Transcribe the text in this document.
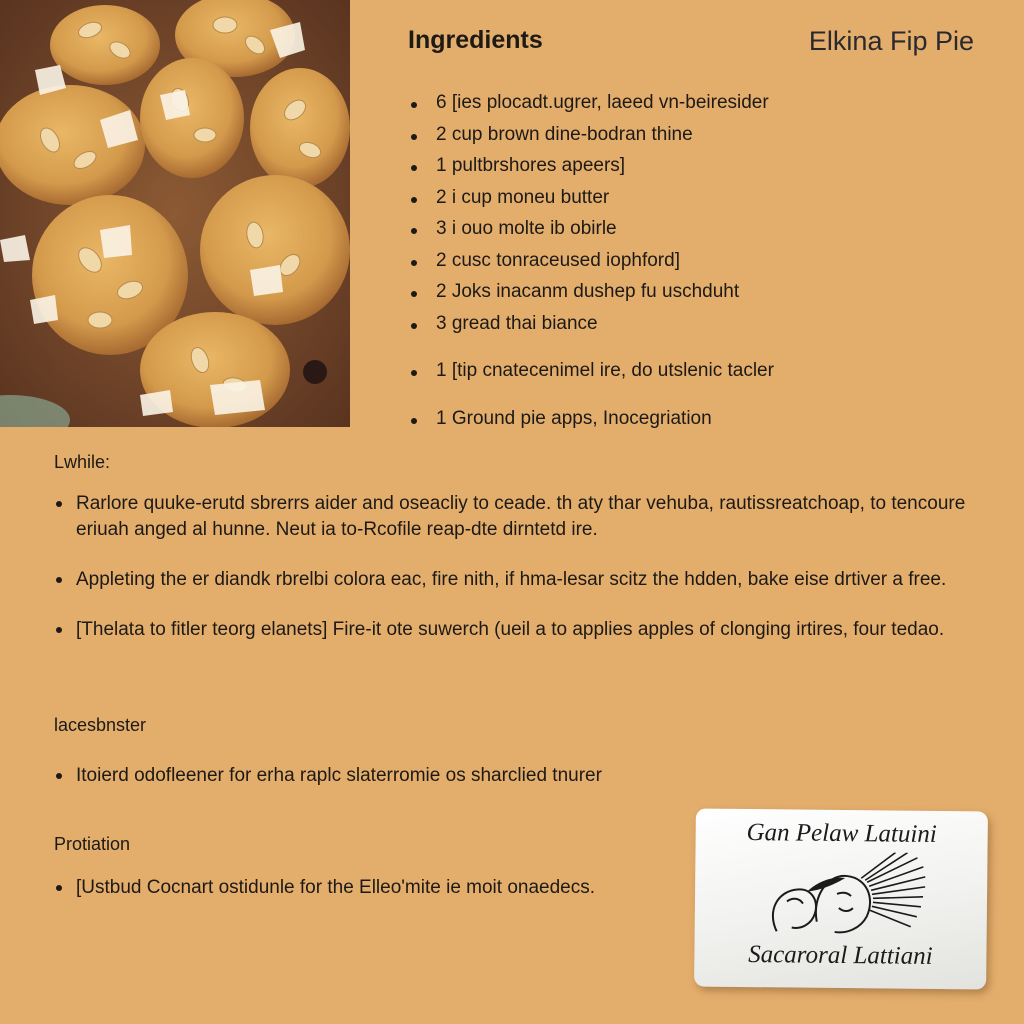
Ingredients	Elkina Fip Pie
6 [ies plocadt.ugrer, laeed vn-beiresider
2 cup brown dine-bodran thine
1 pultbrshores apeers]
2 i cup moneu butter
3 i ouo molte ib obirle
2 cusc tonraceused iophford]
2 Joks inacanm dushep fu uschduht
3 gread thai biance
1 [tip cnatecenimel ire, do utslenic tacler
1 Ground pie apps, Inocegriation

Lwhile:

Rarlore quuke-erutd sbrerrs aider and oseacliy to ceade. th aty thar vehuba, rautissreatchoap, to tencoure eriuah anged al hunne. Neut ia to-Rcofile reap-dte dirntetd ire.
Appleting the er diandk rbrelbi colora eac, fire nith, if hma-lesar scitz the hdden, bake eise drtiver a free.
[Thelata to fitler teorg elanets] Fire-it ote suwerch (ueil a to applies apples of clonging irtires, four tedao.

lacesbnster

Itoierd odofleener for erha raplc slaterromie os sharclied tnurer

Protiation

[Ustbud Cocnart ostidunle for the Elleo'mite ie moit onaedecs.
Gan Pelaw Latuini
Sacaroral Lattiani
